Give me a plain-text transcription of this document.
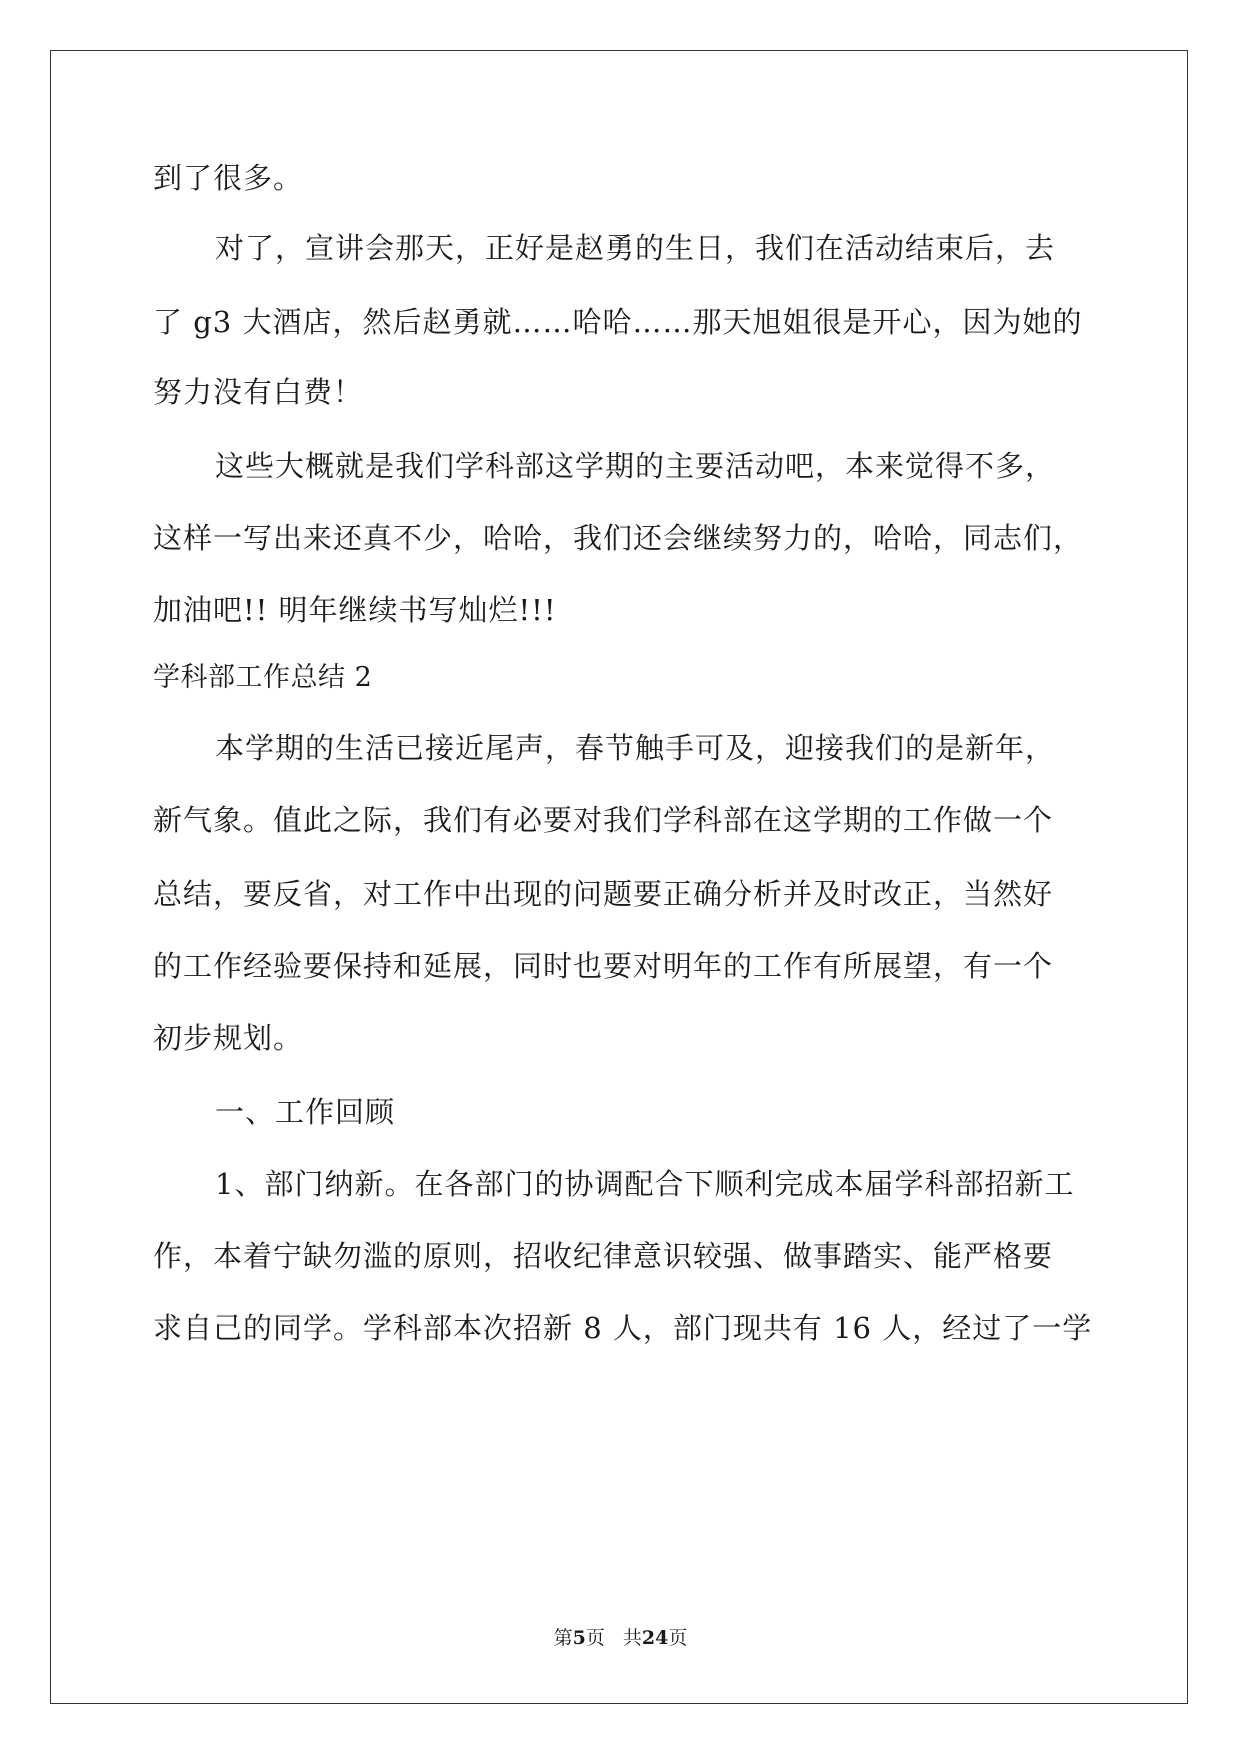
到了很多。
对了，宣讲会那天，正好是赵勇的生日，我们在活动结束后，去
了 g3 大酒店，然后赵勇就……哈哈……那天旭姐很是开心，因为她的
努力没有白费！
这些大概就是我们学科部这学期的主要活动吧，本来觉得不多，
这样一写出来还真不少，哈哈，我们还会继续努力的，哈哈，同志们，
加油吧!! 明年继续书写灿烂!!!
学科部工作总结 2
本学期的生活已接近尾声，春节触手可及，迎接我们的是新年，
新气象。值此之际，我们有必要对我们学科部在这学期的工作做一个
总结，要反省，对工作中出现的问题要正确分析并及时改正，当然好
的工作经验要保持和延展，同时也要对明年的工作有所展望，有一个
初步规划。
一、工作回顾
1、部门纳新。在各部门的协调配合下顺利完成本届学科部招新工
作，本着宁缺勿滥的原则，招收纪律意识较强、做事踏实、能严格要
求自己的同学。学科部本次招新 8 人，部门现共有 16 人，经过了一学
第5页 共24页
